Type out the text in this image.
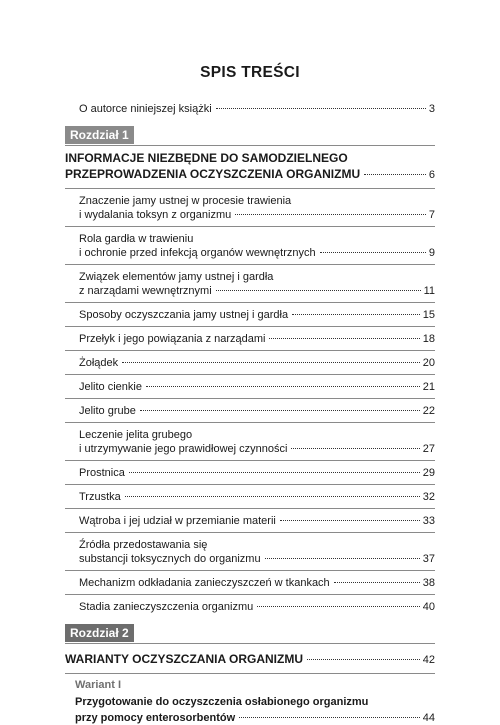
SPIS TREŚCI
O autorce niniejszej książki	3
Rozdział 1
INFORMACJE NIEZBĘDNE DO SAMODZIELNEGO
PRZEPROWADZENIA OCZYSZCZENIA ORGANIZMU	6
Znaczenie jamy ustnej w procesie trawienia
i wydalania toksyn z organizmu	7
Rola gardła w trawieniu
i ochronie przed infekcją organów wewnętrznych	9
Związek elementów jamy ustnej i gardła
z narządami wewnętrznymi	11
Sposoby oczyszczania jamy ustnej i gardła	15
Przełyk i jego powiązania z narządami	18
Żołądek	20
Jelito cienkie	21
Jelito grube	22
Leczenie jelita grubego
i utrzymywanie jego prawidłowej czynności	27
Prostnica	29
Trzustka	32
Wątroba i jej udział w przemianie materii	33
Źródła przedostawania się
substancji toksycznych do organizmu	37
Mechanizm odkładania zanieczyszczeń w tkankach	38
Stadia zanieczyszczenia organizmu	40
Rozdział 2
WARIANTY OCZYSZCZANIA ORGANIZMU	42
Wariant I
Przygotowanie do oczyszczenia osłabionego organizmu
przy pomocy enterosorbentów	44
